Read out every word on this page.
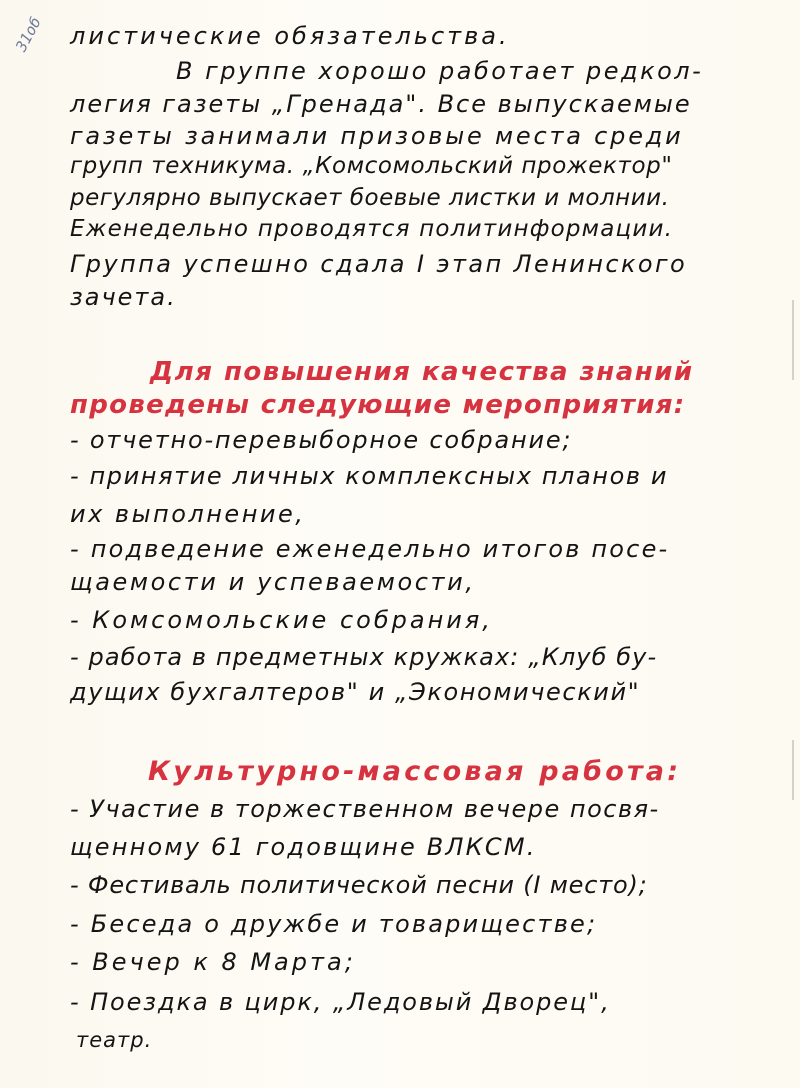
31об листические обязательства.
В группе хорошо работает редкол-
легия газеты „Гренада". Все выпускаемые
газеты занимали призовые места среди
групп техникума. „Комсомольский прожектор"
регулярно выпускает боевые листки и молнии.
Еженедельно проводятся политинформации.
Группа успешно сдала I этап Ленинского
зачета.
Для повышения качества знаний
проведены следующие мероприятия:
- отчетно-перевыборное собрание;
- принятие личных комплексных планов и
их выполнение,
- подведение еженедельно итогов посе-
щаемости и успеваемости,
- Комсомольские собрания,
- работа в предметных кружках: „Клуб бу-
дущих бухгалтеров" и „Экономический"
Культурно-массовая работа:
- Участие в торжественном вечере посвя-
щенному 61 годовщине ВЛКСМ.
- Фестиваль политической песни (I место);
- Беседа о дружбе и товариществе;
- Вечер к 8 Марта;
- Поездка в цирк, „Ледовый Дворец",
театр.
